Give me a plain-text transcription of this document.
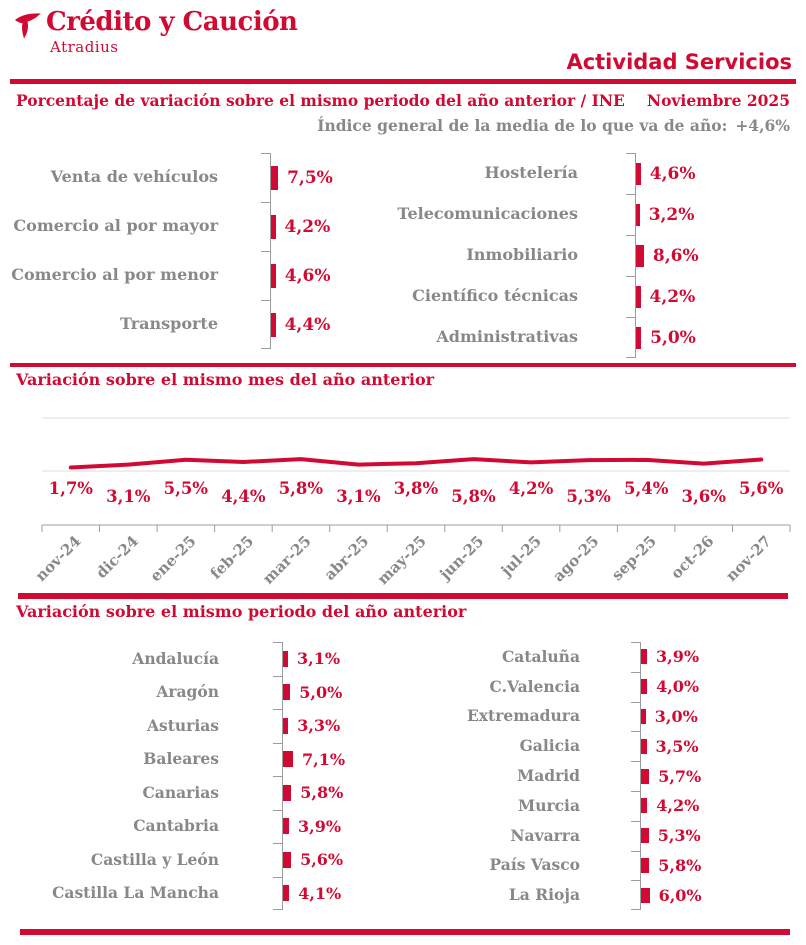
Crédito y Caución
Atradius
Actividad Servicios
Porcentaje de variación sobre el mismo periodo del año anterior / INE Noviembre 2025
Índice general de la media de lo que va de año: +4,6%
Venta de vehículos	7,5%
Comercio al por mayor	4,2%
Comercio al por menor	4,6%
Transporte	4,4%
Hostelería	4,6%
Telecomunicaciones	3,2%
Inmobiliario	8,6%
Científico técnicas	4,2%
Administrativas	5,0%
Variación sobre el mismo mes del año anterior
1,7% 3,1% 5,5% 4,4% 5,8% 3,1% 3,8% 5,8% 4,2% 5,3% 5,4% 3,6% 5,6%
nov-24 dic-24 ene-25 feb-25 mar-25 abr-25 may-25 jun-25 jul-25 ago-25 sep-25 oct-26 nov-27
Variación sobre el mismo periodo del año anterior
Andalucía	3,1%
Aragón	5,0%
Asturias	3,3%
Baleares	7,1%
Canarias	5,8%
Cantabria	3,9%
Castilla y León	5,6%
Castilla La Mancha	4,1%
Cataluña	3,9%
C.Valencia	4,0%
Extremadura	3,0%
Galicia	3,5%
Madrid	5,7%
Murcia	4,2%
Navarra	5,3%
País Vasco	5,8%
La Rioja	6,0%
